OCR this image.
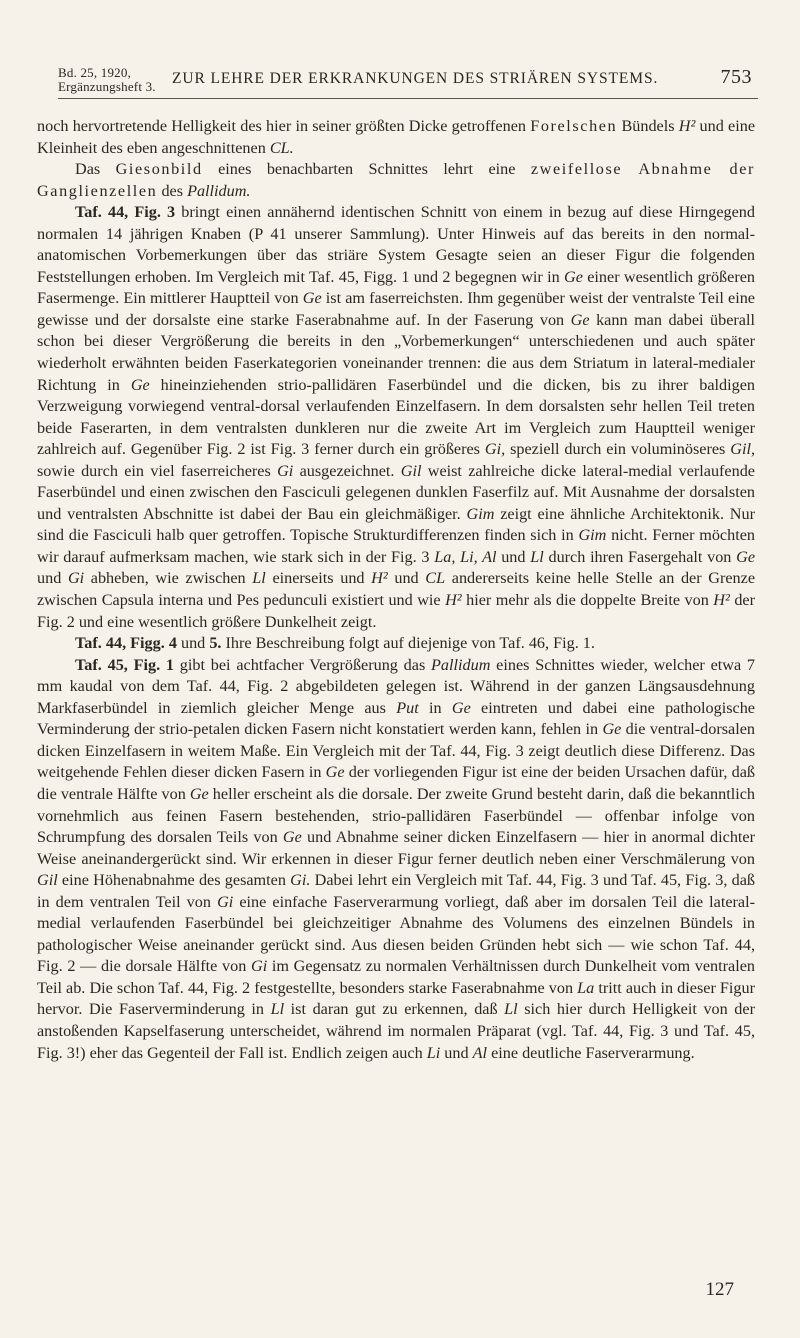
Bd. 25, 1920,
Ergänzungsheft 3. ZUR LEHRE DER ERKRANKUNGEN DES STRIÄREN SYSTEMS.	753

noch hervortretende Helligkeit des hier in seiner größten Dicke getroffenen Forelschen Bündels H² und eine Kleinheit des eben angeschnittenen CL.

Das Giesonbild eines benachbarten Schnittes lehrt eine zweifellose Abnahme der Ganglienzellen des Pallidum.

Taf. 44, Fig. 3 bringt einen annähernd identischen Schnitt von einem in bezug auf diese Hirngegend normalen 14 jährigen Knaben (P 41 unserer Sammlung). Unter Hinweis auf das bereits in den normal-anatomischen Vorbemerkungen über das striäre System Gesagte seien an dieser Figur die folgenden Feststellungen erhoben. Im Vergleich mit Taf. 45, Figg. 1 und 2 begegnen wir in Ge einer wesentlich größeren Fasermenge. Ein mittlerer Hauptteil von Ge ist am faserreichsten. Ihm gegenüber weist der ventralste Teil eine gewisse und der dorsalste eine starke Faserabnahme auf. In der Faserung von Ge kann man dabei überall schon bei dieser Vergrößerung die bereits in den „Vorbemerkungen“ unterschiedenen und auch später wiederholt erwähnten beiden Faserkategorien voneinander trennen: die aus dem Striatum in lateral-medialer Richtung in Ge hineinziehenden strio-pallidären Faserbündel und die dicken, bis zu ihrer baldigen Verzweigung vorwiegend ventral-dorsal verlaufenden Einzelfasern. In dem dorsalsten sehr hellen Teil treten beide Faserarten, in dem ventralsten dunkleren nur die zweite Art im Vergleich zum Hauptteil weniger zahlreich auf. Gegenüber Fig. 2 ist Fig. 3 ferner durch ein größeres Gi, speziell durch ein voluminöseres Gil, sowie durch ein viel faserreicheres Gi ausgezeichnet. Gil weist zahlreiche dicke lateral-medial verlaufende Faserbündel und einen zwischen den Fasciculi gelegenen dunklen Faserfilz auf. Mit Ausnahme der dorsalsten und ventralsten Abschnitte ist dabei der Bau ein gleichmäßiger. Gim zeigt eine ähnliche Architektonik. Nur sind die Fasciculi halb quer getroffen. Topische Strukturdifferenzen finden sich in Gim nicht. Ferner möchten wir darauf aufmerksam machen, wie stark sich in der Fig. 3 La, Li, Al und Ll durch ihren Fasergehalt von Ge und Gi abheben, wie zwischen Ll einerseits und H² und CL andererseits keine helle Stelle an der Grenze zwischen Capsula interna und Pes pedunculi existiert und wie H² hier mehr als die doppelte Breite von H² der Fig. 2 und eine wesentlich größere Dunkelheit zeigt.

Taf. 44, Figg. 4 und 5. Ihre Beschreibung folgt auf diejenige von Taf. 46, Fig. 1.

Taf. 45, Fig. 1 gibt bei achtfacher Vergrößerung das Pallidum eines Schnittes wieder, welcher etwa 7 mm kaudal von dem Taf. 44, Fig. 2 abgebildeten gelegen ist. Während in der ganzen Längsausdehnung Markfaserbündel in ziemlich gleicher Menge aus Put in Ge eintreten und dabei eine pathologische Verminderung der strio-petalen dicken Fasern nicht konstatiert werden kann, fehlen in Ge die ventral-dorsalen dicken Einzelfasern in weitem Maße. Ein Vergleich mit der Taf. 44, Fig. 3 zeigt deutlich diese Differenz. Das weitgehende Fehlen dieser dicken Fasern in Ge der vorliegenden Figur ist eine der beiden Ursachen dafür, daß die ventrale Hälfte von Ge heller erscheint als die dorsale. Der zweite Grund besteht darin, daß die bekanntlich vornehmlich aus feinen Fasern bestehenden, strio-pallidären Faserbündel — offenbar infolge von Schrumpfung des dorsalen Teils von Ge und Abnahme seiner dicken Einzelfasern — hier in anormal dichter Weise aneinandergerückt sind. Wir erkennen in dieser Figur ferner deutlich neben einer Verschmälerung von Gil eine Höhenabnahme des gesamten Gi. Dabei lehrt ein Vergleich mit Taf. 44, Fig. 3 und Taf. 45, Fig. 3, daß in dem ventralen Teil von Gi eine einfache Faserverarmung vorliegt, daß aber im dorsalen Teil die lateral-medial verlaufenden Faserbündel bei gleichzeitiger Abnahme des Volumens des einzelnen Bündels in pathologischer Weise aneinander gerückt sind. Aus diesen beiden Gründen hebt sich — wie schon Taf. 44, Fig. 2 — die dorsale Hälfte von Gi im Gegensatz zu normalen Verhältnissen durch Dunkelheit vom ventralen Teil ab. Die schon Taf. 44, Fig. 2 festgestellte, besonders starke Faserabnahme von La tritt auch in dieser Figur hervor. Die Faserverminderung in Ll ist daran gut zu erkennen, daß Ll sich hier durch Helligkeit von der anstoßenden Kapselfaserung unterscheidet, während im normalen Präparat (vgl. Taf. 44, Fig. 3 und Taf. 45, Fig. 3!) eher das Gegenteil der Fall ist. Endlich zeigen auch Li und Al eine deutliche Faserverarmung.

127
